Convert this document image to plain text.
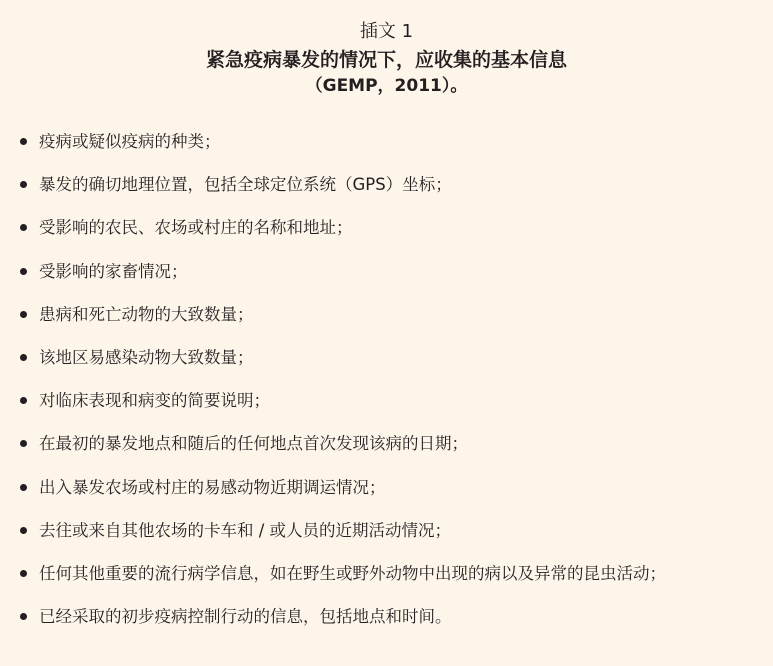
插文 1
紧急疫病暴发的情况下，应收集的基本信息
（GEMP，2011）。
疫病或疑似疫病的种类；
暴发的确切地理位置，包括全球定位系统（GPS）坐标；
受影响的农民、农场或村庄的名称和地址；
受影响的家畜情况；
患病和死亡动物的大致数量；
该地区易感染动物大致数量；
对临床表现和病变的简要说明；
在最初的暴发地点和随后的任何地点首次发现该病的日期；
出入暴发农场或村庄的易感动物近期调运情况；
去往或来自其他农场的卡车和 / 或人员的近期活动情况；
任何其他重要的流行病学信息，如在野生或野外动物中出现的病以及异常的昆虫活动；
已经采取的初步疫病控制行动的信息，包括地点和时间。
